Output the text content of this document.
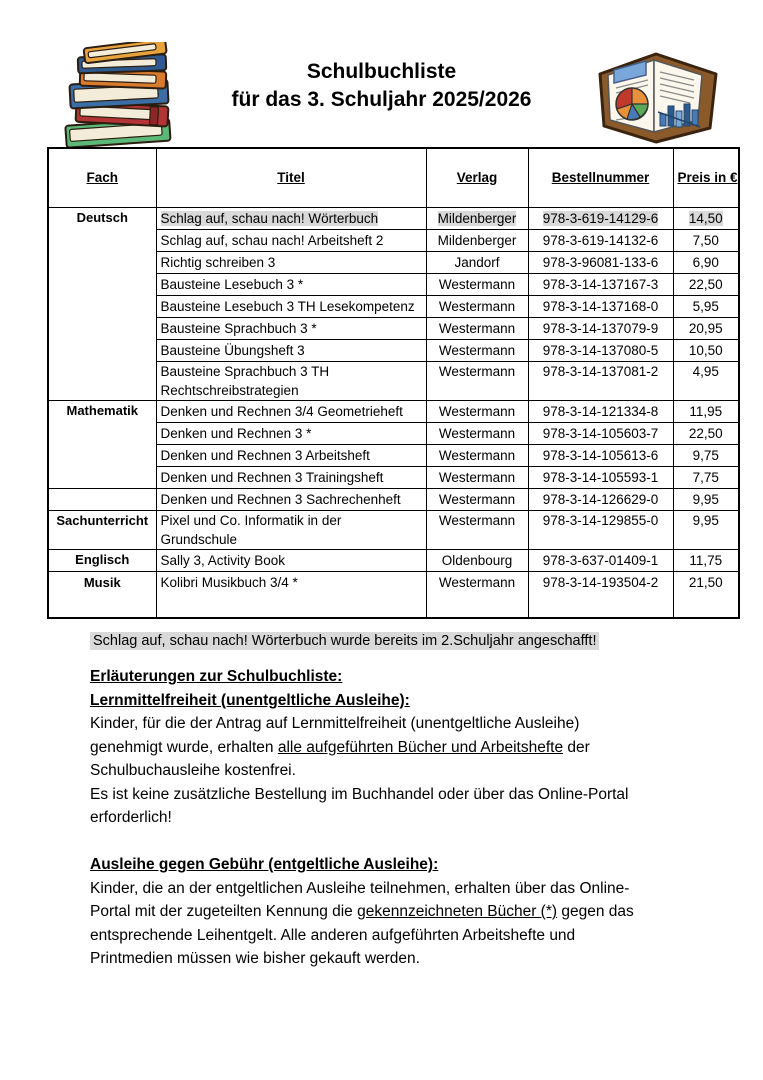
Schulbuchliste
für das 3. Schuljahr 2025/2026
Fach	Titel	Verlag	Bestellnummer	Preis in €
Deutsch	Schlag auf, schau nach! Wörterbuch	Mildenberger	978-3-619-14129-6	14,50
	Schlag auf, schau nach! Arbeitsheft 2	Mildenberger	978-3-619-14132-6	7,50
	Richtig schreiben 3	Jandorf	978-3-96081-133-6	6,90
	Bausteine Lesebuch 3 *	Westermann	978-3-14-137167-3	22,50
	Bausteine Lesebuch 3 TH Lesekompetenz	Westermann	978-3-14-137168-0	5,95
	Bausteine Sprachbuch 3 *	Westermann	978-3-14-137079-9	20,95
	Bausteine Übungsheft 3	Westermann	978-3-14-137080-5	10,50
	Bausteine Sprachbuch 3 TH Rechtschreibstrategien	Westermann	978-3-14-137081-2	4,95
Mathematik	Denken und Rechnen 3/4 Geometrieheft	Westermann	978-3-14-121334-8	11,95
	Denken und Rechnen 3 *	Westermann	978-3-14-105603-7	22,50
	Denken und Rechnen 3 Arbeitsheft	Westermann	978-3-14-105613-6	9,75
	Denken und Rechnen 3 Trainingsheft	Westermann	978-3-14-105593-1	7,75
	Denken und Rechnen 3 Sachrechenheft	Westermann	978-3-14-126629-0	9,95
Sachunterricht	Pixel und Co. Informatik in der Grundschule	Westermann	978-3-14-129855-0	9,95
Englisch	Sally 3, Activity Book	Oldenbourg	978-3-637-01409-1	11,75
Musik	Kolibri Musikbuch 3/4 *	Westermann	978-3-14-193504-2	21,50
Schlag auf, schau nach! Wörterbuch wurde bereits im 2.Schuljahr angeschafft!
Erläuterungen zur Schulbuchliste:
Lernmittelfreiheit (unentgeltliche Ausleihe):
Kinder, für die der Antrag auf Lernmittelfreiheit (unentgeltliche Ausleihe)
genehmigt wurde, erhalten alle aufgeführten Bücher und Arbeitshefte der
Schulbuchausleihe kostenfrei.
Es ist keine zusätzliche Bestellung im Buchhandel oder über das Online-Portal
erforderlich!
Ausleihe gegen Gebühr (entgeltliche Ausleihe):
Kinder, die an der entgeltlichen Ausleihe teilnehmen, erhalten über das Online-
Portal mit der zugeteilten Kennung die gekennzeichneten Bücher (*) gegen das
entsprechende Leihentgelt. Alle anderen aufgeführten Arbeitshefte und
Printmedien müssen wie bisher gekauft werden.
